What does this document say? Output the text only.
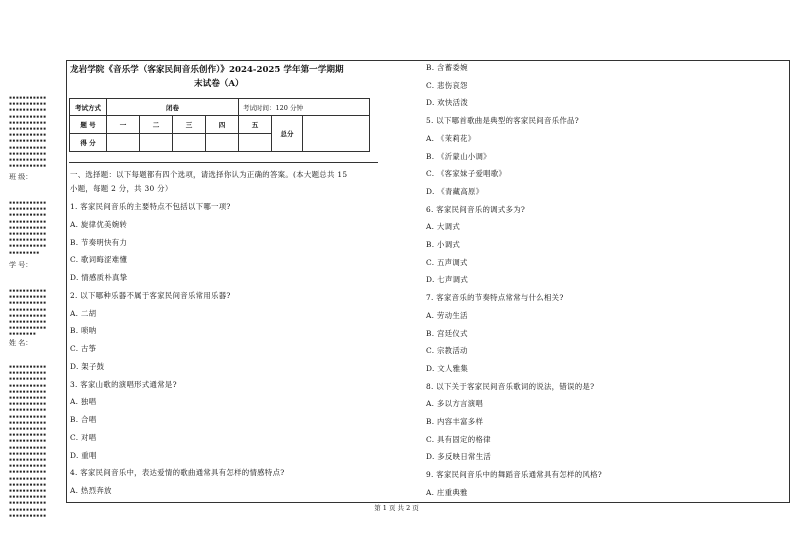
▪▪▪▪▪▪▪▪▪▪▪
▪▪▪▪▪▪▪▪▪▪▪
▪▪▪▪▪▪▪▪▪▪▪
▪▪▪▪▪▪▪▪▪▪▪
▪▪▪▪▪▪▪▪▪▪▪
▪▪▪▪▪▪▪▪▪▪▪
▪▪▪▪▪▪▪▪▪▪▪
▪▪▪▪▪▪▪▪▪▪▪
▪▪▪▪▪▪▪▪▪▪▪
▪▪▪▪▪▪▪▪▪▪▪
▪▪▪▪▪▪▪▪▪▪▪
▪▪▪▪▪▪▪▪▪▪▪
班 级：
▪▪▪▪▪▪▪▪▪▪▪
▪▪▪▪▪▪▪▪▪▪▪
▪▪▪▪▪▪▪▪▪▪▪
▪▪▪▪▪▪▪▪▪▪▪
▪▪▪▪▪▪▪▪▪▪▪
▪▪▪▪▪▪▪▪▪▪▪
▪▪▪▪▪▪▪▪▪▪▪
▪▪▪▪▪▪▪▪▪▪▪
▪▪▪▪▪▪▪▪▪
学 号：
▪▪▪▪▪▪▪▪▪▪▪
▪▪▪▪▪▪▪▪▪▪▪
▪▪▪▪▪▪▪▪▪▪▪
▪▪▪▪▪▪▪▪▪▪▪
▪▪▪▪▪▪▪▪▪▪▪
▪▪▪▪▪▪▪▪▪▪▪
▪▪▪▪▪▪▪▪▪▪▪
▪▪▪▪▪▪▪▪
姓 名：
▪▪▪▪▪▪▪▪▪▪▪
▪▪▪▪▪▪▪▪▪▪▪
▪▪▪▪▪▪▪▪▪▪▪
▪▪▪▪▪▪▪▪▪▪▪
▪▪▪▪▪▪▪▪▪▪▪
▪▪▪▪▪▪▪▪▪▪▪
▪▪▪▪▪▪▪▪▪▪▪
▪▪▪▪▪▪▪▪▪▪▪
▪▪▪▪▪▪▪▪▪▪▪
▪▪▪▪▪▪▪▪▪▪▪
▪▪▪▪▪▪▪▪▪▪▪
▪▪▪▪▪▪▪▪▪▪▪
▪▪▪▪▪▪▪▪▪▪▪
▪▪▪▪▪▪▪▪▪▪▪
▪▪▪▪▪▪▪▪▪▪▪
▪▪▪▪▪▪▪▪▪▪▪
▪▪▪▪▪▪▪▪▪▪▪
▪▪▪▪▪▪▪▪▪▪▪
▪▪▪▪▪▪▪▪▪▪▪
▪▪▪▪▪▪▪▪▪▪▪
▪▪▪▪▪▪▪▪▪▪▪
▪▪▪▪▪▪▪▪▪▪▪
▪▪▪▪▪▪▪▪▪▪▪
▪▪▪▪▪▪▪▪▪▪▪
▪▪▪▪▪▪▪▪▪▪▪
龙岩学院《音乐学（客家民间音乐创作）》2024-2025 学年第一学期期
末试卷（A）
考试方式	闭卷				考试时间：120 分钟		
题 号	一	二	三	四	五	总分	
得 分							
一、选择题：以下每题都有四个选项，请选择你认为正确的答案。(本大题总共 15
小题，每题 2 分，共 30 分）
1. 客家民间音乐的主要特点不包括以下哪一项?
A. 旋律优美婉转
B. 节奏明快有力
C. 歌词晦涩难懂
D. 情感质朴真挚
2. 以下哪种乐器不属于客家民间音乐常用乐器?
A. 二胡
B. 唢呐
C. 古筝
D. 架子鼓
3. 客家山歌的演唱形式通常是?
A. 独唱
B. 合唱
C. 对唱
D. 重唱
4. 客家民间音乐中，表达爱情的歌曲通常具有怎样的情感特点?
A. 热烈奔放
B. 含蓄委婉
C. 悲伤哀怨
D. 欢快活泼
5. 以下哪首歌曲是典型的客家民间音乐作品?
A. 《茉莉花》
B. 《沂蒙山小调》
C. 《客家妹子爱唱歌》
D. 《青藏高原》
6. 客家民间音乐的调式多为?
A. 大调式
B. 小调式
C. 五声调式
D. 七声调式
7. 客家音乐的节奏特点常常与什么相关?
A. 劳动生活
B. 宫廷仪式
C. 宗教活动
D. 文人雅集
8. 以下关于客家民间音乐歌词的说法，错误的是?
A. 多以方言演唱
B. 内容丰富多样
C. 具有固定的格律
D. 多反映日常生活
9. 客家民间音乐中的舞蹈音乐通常具有怎样的风格?
A. 庄重典雅
第 1 页 共 2 页
